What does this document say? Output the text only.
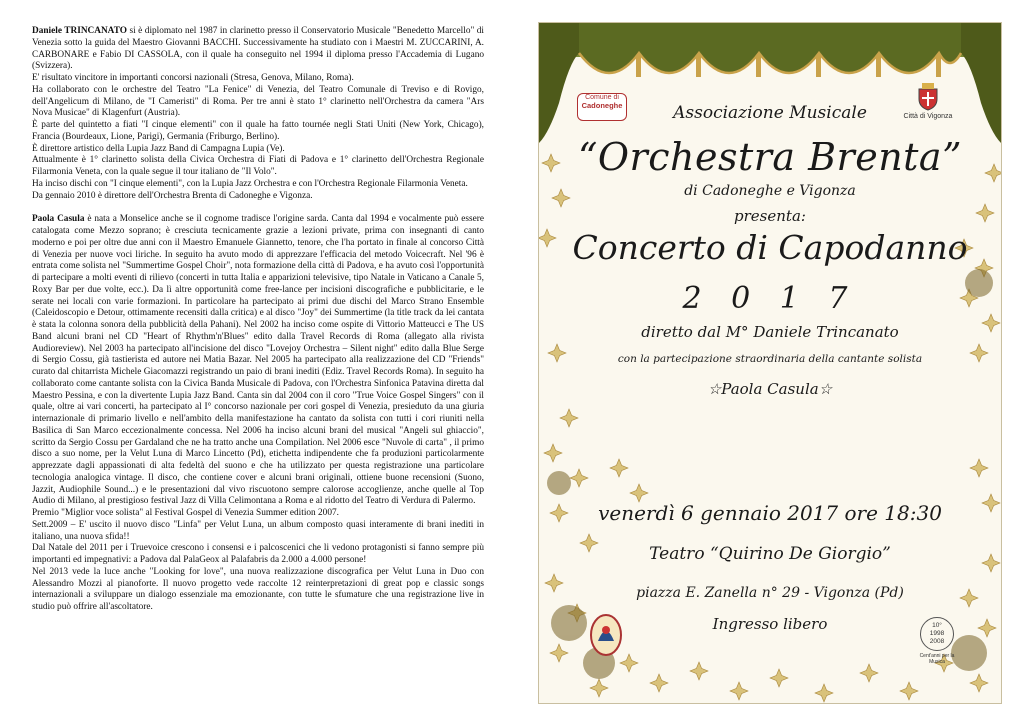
Daniele TRINCANATO si è diplomato nel 1987 in clarinetto presso il Conservatorio Musicale "Benedetto Marcello" di Venezia sotto la guida del Maestro Giovanni BACCHI. Successivamente ha studiato con i Maestri M. ZUCCARINI, A. CARBONARE e Fabio DI CASSOLA, con il quale ha conseguito nel 1994 il diploma presso l'Accademia di Lugano (Svizzera).

E' risultato vincitore in importanti concorsi nazionali (Stresa, Genova, Milano, Roma).

Ha collaborato con le orchestre del Teatro "La Fenice" di Venezia, del Teatro Comunale di Treviso e di Rovigo, dell'Angelicum di Milano, de "I Cameristi" di Roma. Per tre anni è stato 1° clarinetto nell'Orchestra da camera "Ars Nova Musicae" di Klagenfurt (Austria).

È parte del quintetto a fiati "I cinque elementi" con il quale ha fatto tournée negli Stati Uniti (New York, Chicago), Francia (Bourdeaux, Lione, Parigi), Germania (Friburgo, Berlino).

È direttore artistico della Lupia Jazz Band di Campagna Lupia (Ve).

Attualmente è 1° clarinetto solista della Civica Orchestra di Fiati di Padova e 1° clarinetto dell'Orchestra Regionale Filarmonia Veneta, con la quale segue il tour italiano de "Il Volo".

Ha inciso dischi con "I cinque elementi", con la Lupia Jazz Orchestra e con l'Orchestra Regionale Filarmonia Veneta.

Da gennaio 2010 è direttore dell'Orchestra Brenta di Cadoneghe e Vigonza.

Paola Casula è nata a Monselice anche se il cognome tradisce l'origine sarda. Canta dal 1994 e vocalmente può essere catalogata come Mezzo soprano; è cresciuta tecnicamente grazie a lezioni private, prima con insegnanti di canto moderno e poi per oltre due anni con il Maestro Emanuele Giannetto, tenore, che l'ha portato in finale al concorso Città di Venezia per nuove voci liriche. In seguito ha avuto modo di apprezzare l'efficacia del metodo Voicecraft. Nel '96 è entrata come solista nel "Summertime Gospel Choir", nota formazione della città di Padova, e ha avuto così l'opportunità di partecipare a molti eventi di rilievo (concerti in tutta Italia e apparizioni televisive, tipo Natale in Vaticano a Canale 5, Roxy Bar per due volte, ecc.). Da lì altre opportunità come free-lance per incisioni discografiche e pubblicitarie, e le serate nei locali con varie formazioni. In particolare ha partecipato ai primi due dischi del Marco Strano Ensemble (Caleidoscopio e Detour, ottimamente recensiti dalla critica) e al disco "Joy" dei Summertime (la title track da lei cantata è stata la colonna sonora della pubblicità della Pahani). Nel 2002 ha inciso come ospite di Vittorio Matteucci e The US Band alcuni brani nel CD "Heart of Rhythm'n'Blues" edito dalla Travel Records di Roma (allegato alla rivista Audioreview). Nel 2003 ha partecipato all'incisione del disco "Lovejoy Orchestra – Silent night" edito dalla Blue Serge di Sergio Cossu, già tastierista ed autore nei Matia Bazar. Nel 2005 ha partecipato alla realizzazione del CD "Friends" curato dal chitarrista Michele Giacomazzi registrando un paio di brani inediti (Ediz. Travel Records Roma). In seguito ha collaborato come cantante solista con la Civica Banda Musicale di Padova, con l'Orchestra Sinfonica Patavina diretta dal Maestro Pessina, e con la divertente Lupia Jazz Band. Canta sin dal 2004 con il coro "True Voice Gospel Singers" con il quale, oltre ai vari concerti, ha partecipato al I° concorso nazionale per cori gospel di Venezia, presieduto da una giuria internazionale di primario livello e nell'ambito della manifestazione ha cantato da solista con tutti i cori riuniti nella Basilica di San Marco eccezionalmente concessa. Nel 2006 ha inciso alcuni brani del musical "Angeli sul ghiaccio", scritto da Sergio Cossu per Gardaland che ne ha tratto anche una Compilation. Nel 2006 esce "Nuvole di carta" , il primo disco a suo nome, per la Velut Luna di Marco Lincetto (Pd), etichetta indipendente che fa produzioni particolarmente apprezzate dagli appassionati di alta fedeltà del suono e che ha utilizzato per questa registrazione una particolare tecnologia analogica vintage. Il disco, che contiene cover e alcuni brani originali, ottiene buone recensioni (Suono, Jazzit, Audiophile Sound...) e le presentazioni dal vivo riscuotono sempre calorose accoglienze, anche quelle al Top Audio di Milano, al prestigioso festival Jazz di Villa Celimontana a Roma e al ridotto del Teatro di Verdura di Palermo.

Premio "Miglior voce solista" al Festival Gospel di Venezia Summer edition 2007.

Sett.2009 – E' uscito il nuovo disco "Linfa" per Velut Luna, un album composto quasi interamente di brani inediti in italiano, una nuova sfida!!

Dal Natale del 2011 per i Truevoice crescono i consensi e i palcoscenici che li vedono protagonisti si fanno sempre più importanti ed impegnativi: a Padova dal PalaGeox al Palafabris da 2.000 a 4.000 persone!

Nel 2013 vede la luce anche "Looking for love", una nuova realizzazione discografica per Velut Luna in Duo con Alessandro Mozzi al pianoforte. Il nuovo progetto vede raccolte 12 reinterpretazioni di great pop e classic songs internazionali a sviluppare un dialogo essenziale ma emozionante, con tutte le sfumature che una registrazione live in studio può offrire all'ascoltatore.

Comune di
Cadoneghe
Città di Vigonza
Associazione Musicale
“Orchestra Brenta”
di Cadoneghe e Vigonza
presenta:
Concerto di Capodanno
2 0 1 7
diretto dal M° Daniele Trincanato
con la partecipazione straordinaria della cantante solista
☆Paola Casula☆
venerdì 6 gennaio 2017 ore 18:30
Teatro “Quirino De Giorgio”
piazza E. Zanella n° 29 - Vigonza (Pd)
Ingresso libero	10°
1998
2008
Cent'anni per la Musica
